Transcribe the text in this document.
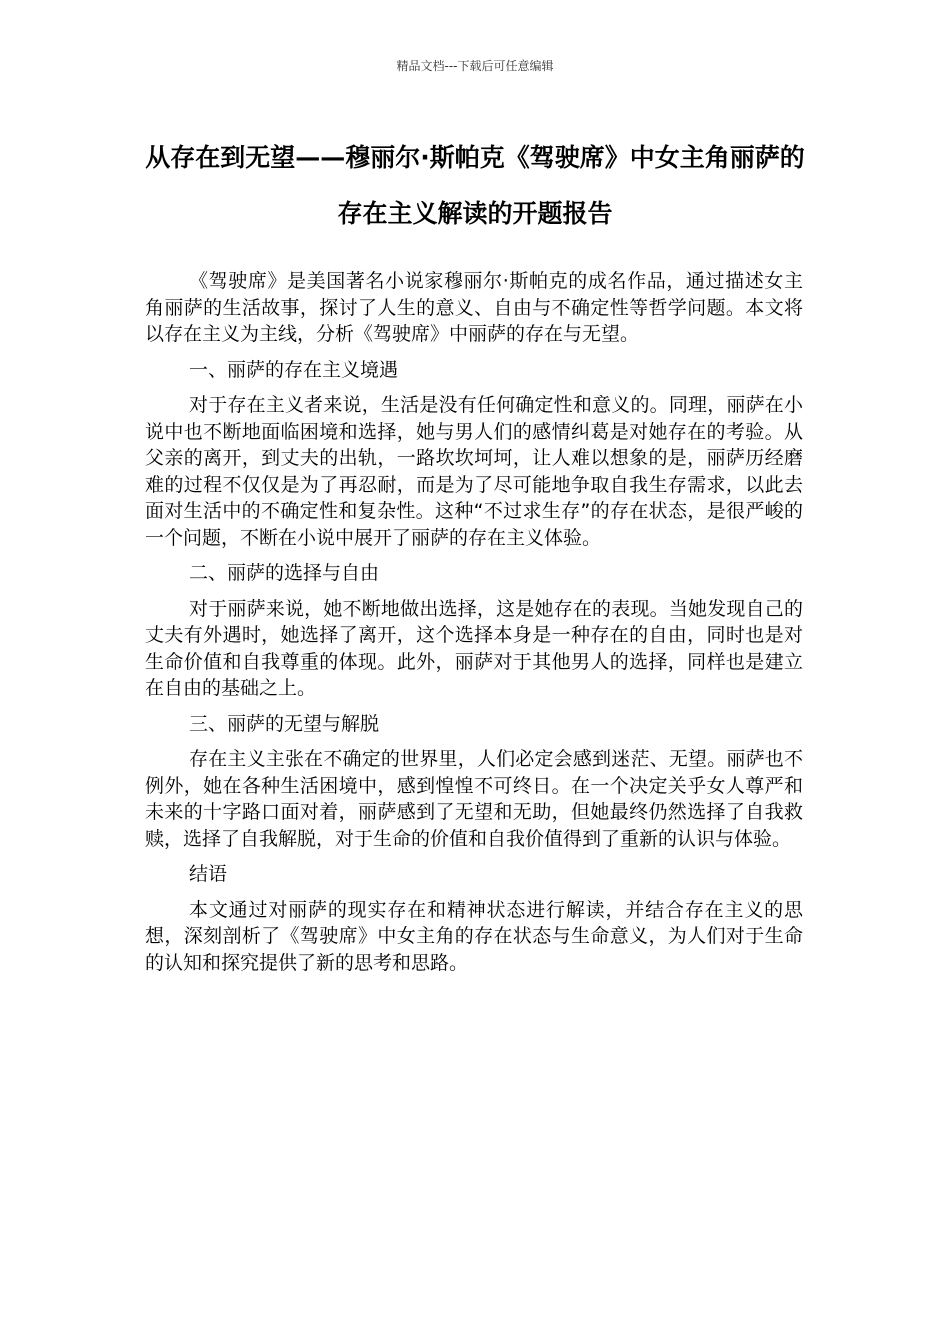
精品文档---下载后可任意编辑
从存在到无望——穆丽尔·斯帕克《驾驶席》中女主角丽萨的存在主义解读的开题报告

《驾驶席》是美国著名小说家穆丽尔·斯帕克的成名作品，通过描述女主角丽萨的生活故事，探讨了人生的意义、自由与不确定性等哲学问题。本文将以存在主义为主线，分析《驾驶席》中丽萨的存在与无望。

一、丽萨的存在主义境遇

对于存在主义者来说，生活是没有任何确定性和意义的。同理，丽萨在小说中也不断地面临困境和选择，她与男人们的感情纠葛是对她存在的考验。从父亲的离开，到丈夫的出轨，一路坎坎坷坷，让人难以想象的是，丽萨历经磨难的过程不仅仅是为了再忍耐，而是为了尽可能地争取自我生存需求，以此去面对生活中的不确定性和复杂性。这种“不过求生存”的存在状态，是很严峻的一个问题，不断在小说中展开了丽萨的存在主义体验。

二、丽萨的选择与自由

对于丽萨来说，她不断地做出选择，这是她存在的表现。当她发现自己的丈夫有外遇时，她选择了离开，这个选择本身是一种存在的自由，同时也是对生命价值和自我尊重的体现。此外，丽萨对于其他男人的选择，同样也是建立在自由的基础之上。

三、丽萨的无望与解脱

存在主义主张在不确定的世界里，人们必定会感到迷茫、无望。丽萨也不例外，她在各种生活困境中，感到惶惶不可终日。在一个决定关乎女人尊严和未来的十字路口面对着，丽萨感到了无望和无助，但她最终仍然选择了自我救赎，选择了自我解脱，对于生命的价值和自我价值得到了重新的认识与体验。

结语

本文通过对丽萨的现实存在和精神状态进行解读，并结合存在主义的思想，深刻剖析了《驾驶席》中女主角的存在状态与生命意义，为人们对于生命的认知和探究提供了新的思考和思路。
